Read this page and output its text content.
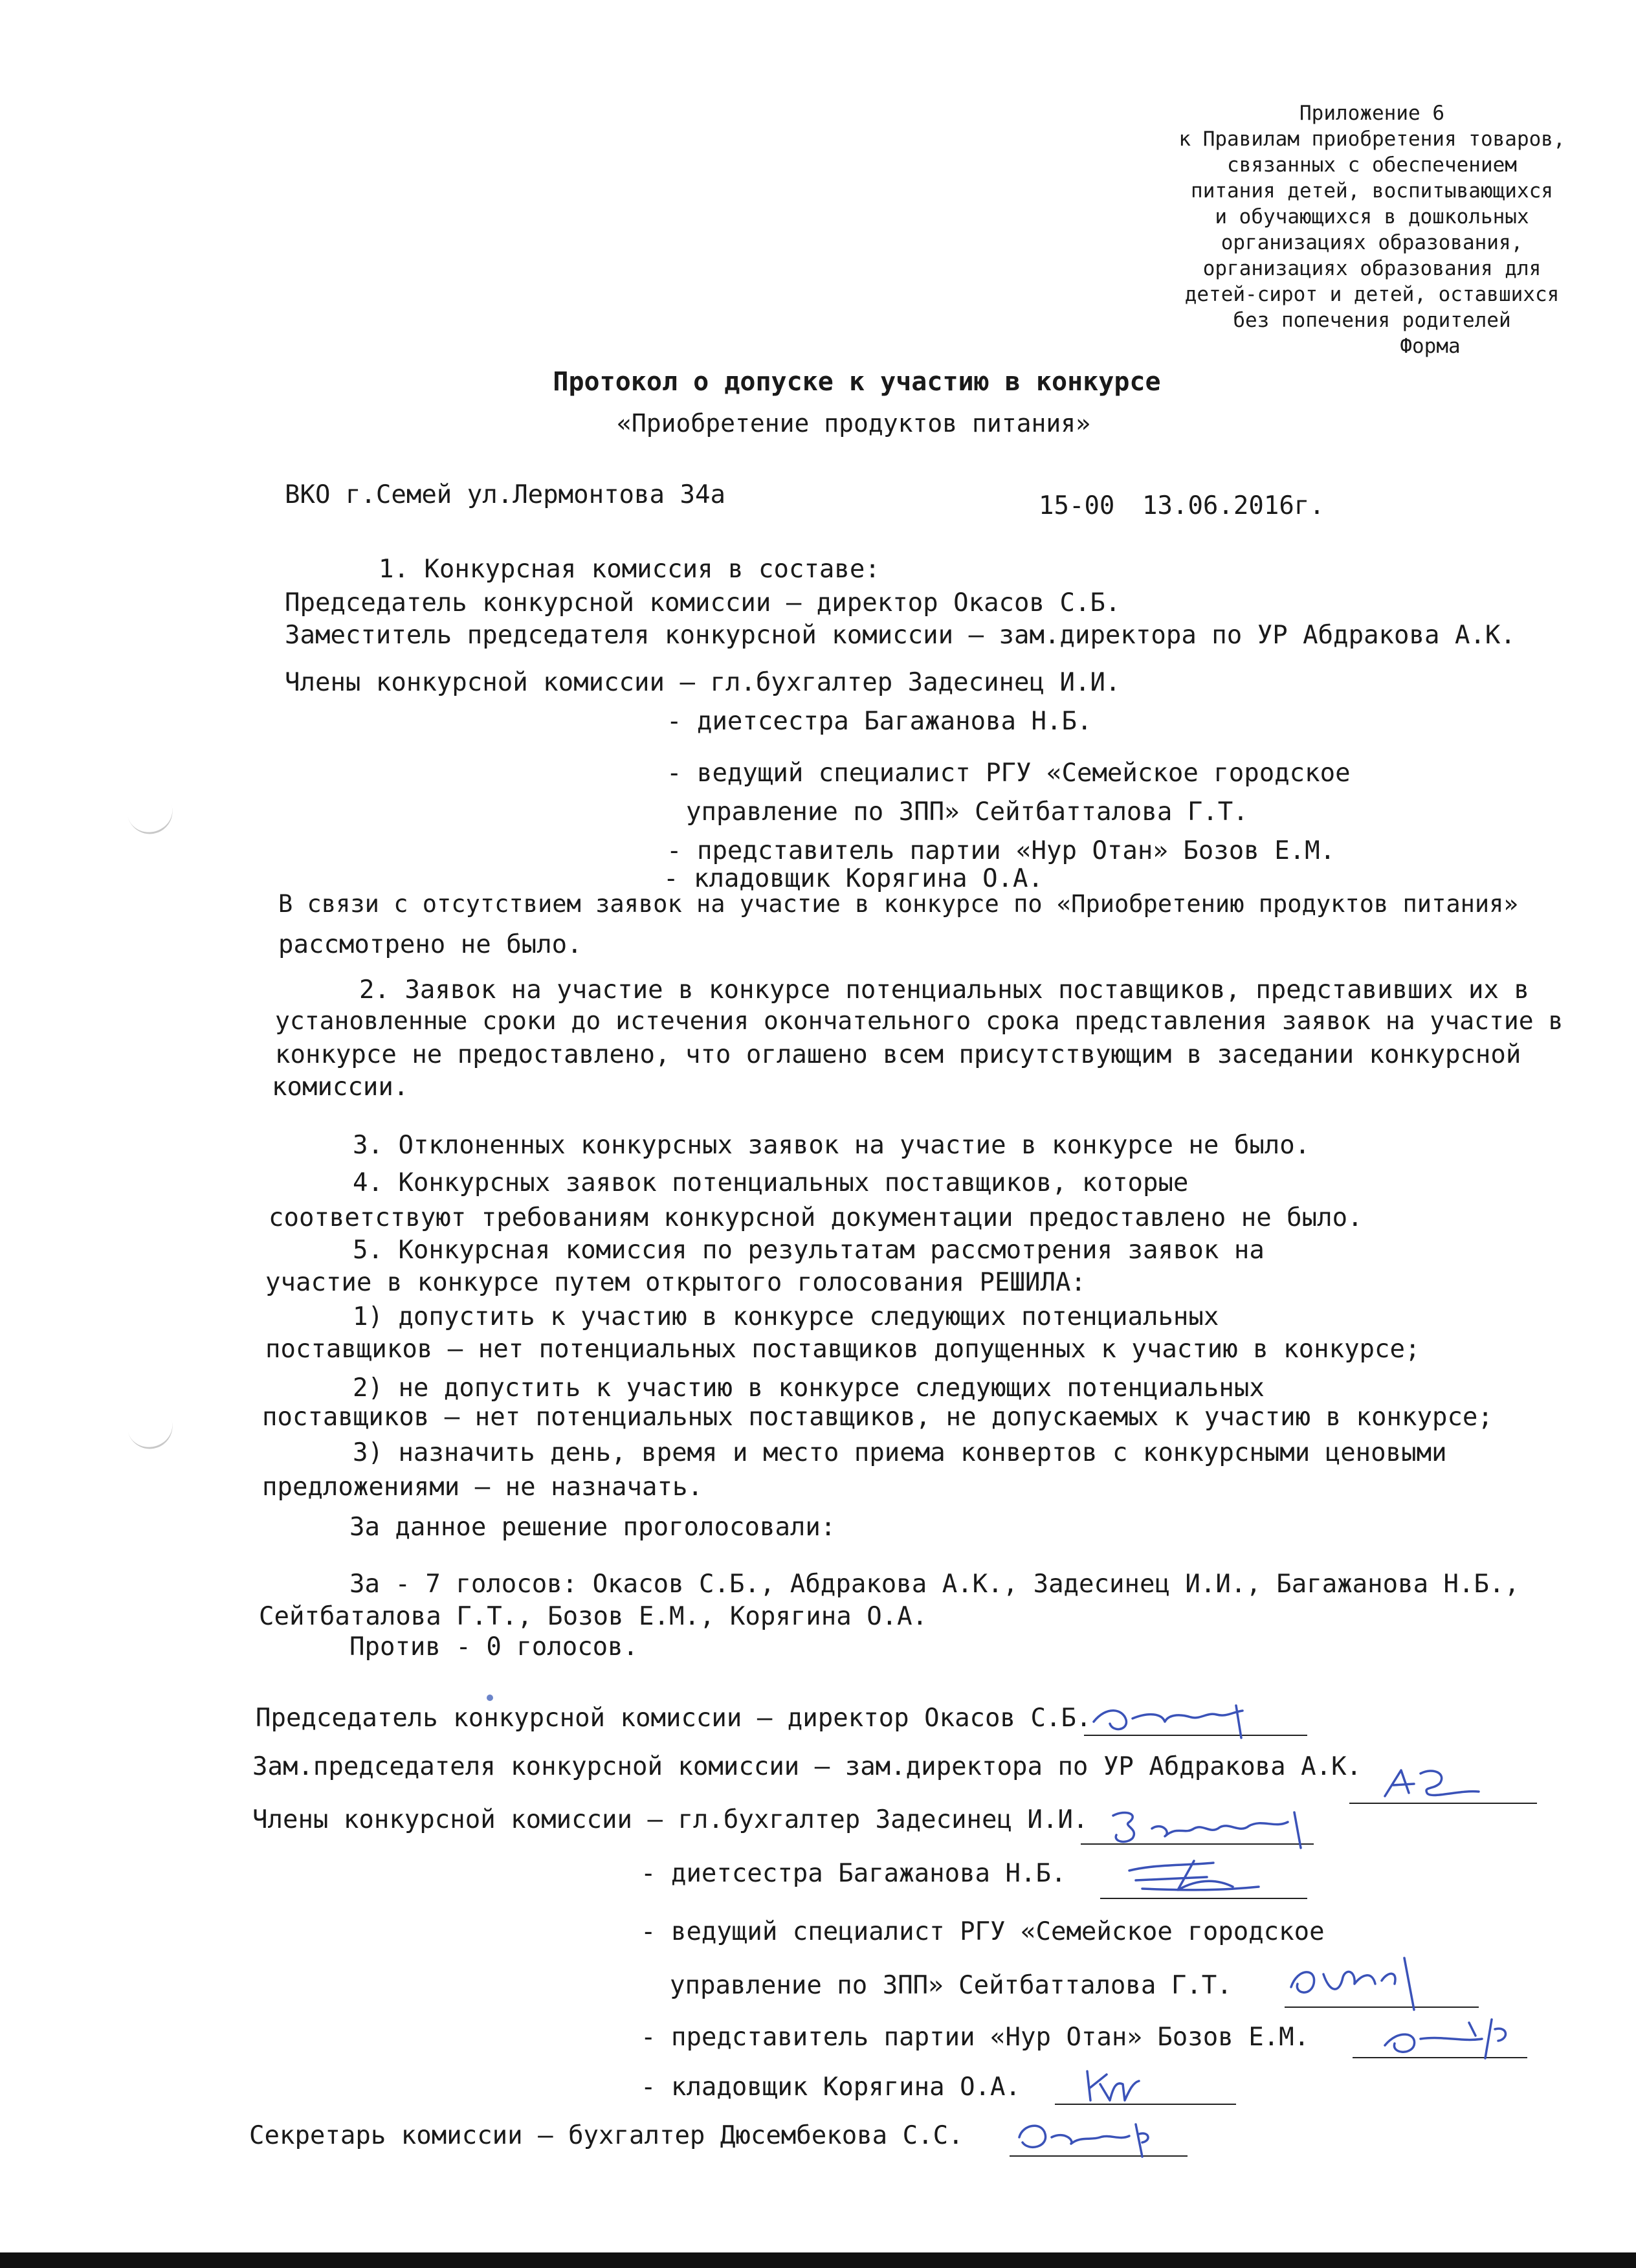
Приложение 6
к Правилам приобретения товаров,
связанных с обеспечением
питания детей, воспитывающихся
и обучающихся в дошкольных
организациях образования,
организациях образования для
детей-сирот и детей, оставшихся
без попечения родителей
Форма
Протокол о допуске к участию в конкурсе
«Приобретение продуктов питания»
ВКО г.Семей ул.Лермонтова 34а	15-00 13.06.2016г.
1. Конкурсная комиссия в составе:
Председатель конкурсной комиссии – директор Окасов С.Б.
Заместитель председателя конкурсной комиссии – зам.директора по УР Абдракова А.К.
Члены конкурсной комиссии – гл.бухгалтер Задесинец И.И.
- диетсестра Багажанова Н.Б.
- ведущий специалист РГУ «Семейское городское
управление по ЗПП» Сейтбатталова Г.Т.
- представитель партии «Нур Отан» Бозов Е.М.
- кладовщик Корягина О.А.
В связи с отсутствием заявок на участие в конкурсе по «Приобретению продуктов питания»
рассмотрено не было.
2. Заявок на участие в конкурсе потенциальных поставщиков, представивших их в
установленные сроки до истечения окончательного срока представления заявок на участие в
конкурсе не предоставлено, что оглашено всем присутствующим в заседании конкурсной
комиссии.
3. Отклоненных конкурсных заявок на участие в конкурсе не было.
4. Конкурсных заявок потенциальных поставщиков, которые
соответствуют требованиям конкурсной документации предоставлено не было.
5. Конкурсная комиссия по результатам рассмотрения заявок на
участие в конкурсе путем открытого голосования РЕШИЛА:
1) допустить к участию в конкурсе следующих потенциальных
поставщиков – нет потенциальных поставщиков допущенных к участию в конкурсе;
2) не допустить к участию в конкурсе следующих потенциальных
поставщиков – нет потенциальных поставщиков, не допускаемых к участию в конкурсе;
3) назначить день, время и место приема конвертов с конкурсными ценовыми
предложениями – не назначать.
За данное решение проголосовали:
За - 7 голосов: Окасов С.Б., Абдракова А.К., Задесинец И.И., Багажанова Н.Б.,
Сейтбаталова Г.Т., Бозов Е.М., Корягина О.А.
Против - 0 голосов.
Председатель конкурсной комиссии – директор Окасов С.Б.
Зам.председателя конкурсной комиссии – зам.директора по УР Абдракова А.К.
Члены конкурсной комиссии – гл.бухгалтер Задесинец И.И.
- диетсестра Багажанова Н.Б.
- ведущий специалист РГУ «Семейское городское
управление по ЗПП» Сейтбатталова Г.Т.
- представитель партии «Нур Отан» Бозов Е.М.
- кладовщик Корягина О.А.
Секретарь комиссии – бухгалтер Дюсембекова С.С.
